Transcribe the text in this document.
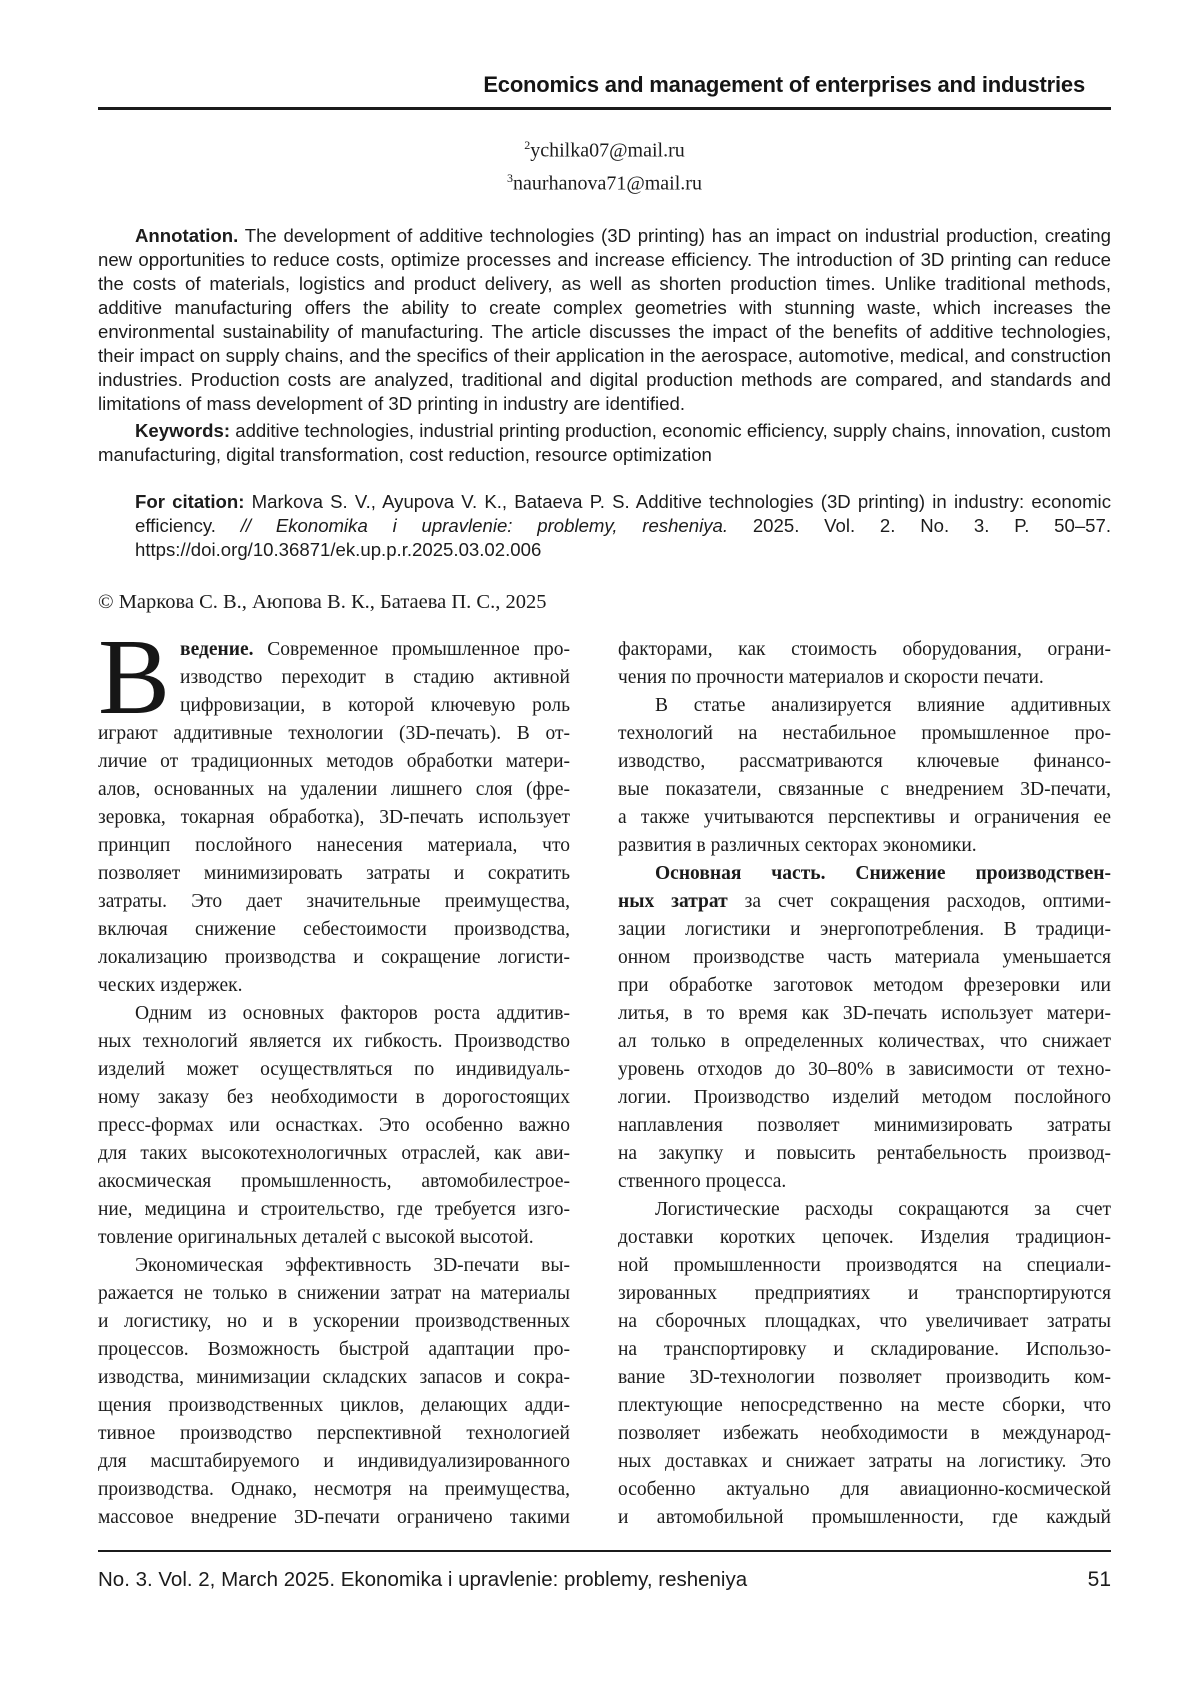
Economics and management of enterprises and industries
$^2$ychilka07@mail.ru
$^3$naurhanova71@mail.ru

Annotation. The development of additive technologies (3D printing) has an impact on industrial production, creating new opportunities to reduce costs, optimize processes and increase efficiency. The introduction of 3D printing can reduce the costs of materials, logistics and product delivery, as well as shorten production times. Unlike traditional methods, additive manufacturing offers the ability to create complex geometries with stunning waste, which increases the environmental sustainability of manufacturing. The article discusses the impact of the benefits of additive technologies, their impact on supply chains, and the specifics of their application in the aerospace, automotive, medical, and construction industries. Production costs are analyzed, traditional and digital production methods are compared, and standards and limitations of mass development of 3D printing in industry are identified.

Keywords: additive technologies, industrial printing production, economic efficiency, supply chains, innovation, custom manufacturing, digital transformation, cost reduction, resource optimization

For citation: Markova S. V., Ayupova V. K., Bataeva P. S. Additive technologies (3D printing) in industry: economic efficiency. // Ekonomika i upravlenie: problemy, resheniya. 2025. Vol. 2. No. 3. P. 50–57. https://doi.org/10.36871/ek.up.p.r.2025.03.02.006

© Маркова С. В., Аюпова В. К., Батаева П. С., 2025
В ведение. Современное промышленное про-
изводство переходит в стадию активной
цифровизации, в которой ключевую роль
играют аддитивные технологии (3D-печать). В от-
личие от традиционных методов обработки матери-
алов, основанных на удалении лишнего слоя (фре-
зеровка, токарная обработка), 3D-печать использует
принцип послойного нанесения материала, что
позволяет минимизировать затраты и сократить
затраты. Это дает значительные преимущества,
включая снижение себестоимости производства,
локализацию производства и сокращение логисти-
ческих издержек.
Одним из основных факторов роста аддитив-
ных технологий является их гибкость. Производство
изделий может осуществляться по индивидуаль-
ному заказу без необходимости в дорогостоящих
пресс-формах или оснастках. Это особенно важно
для таких высокотехнологичных отраслей, как ави-
акосмическая промышленность, автомобилестрое-
ние, медицина и строительство, где требуется изго-
товление оригинальных деталей с высокой высотой.
Экономическая эффективность 3D-печати вы-
ражается не только в снижении затрат на материалы
и логистику, но и в ускорении производственных
процессов. Возможность быстрой адаптации про-
изводства, минимизации складских запасов и сокра-
щения производственных циклов, делающих адди-
тивное производство перспективной технологией
для масштабируемого и индивидуализированного
производства. Однако, несмотря на преимущества,
массовое внедрение 3D-печати ограничено такими
факторами, как стоимость оборудования, ограни-
чения по прочности материалов и скорости печати.
В статье анализируется влияние аддитивных
технологий на нестабильное промышленное про-
изводство, рассматриваются ключевые финансо-
вые показатели, связанные с внедрением 3D-печати,
а также учитываются перспективы и ограничения ее
развития в различных секторах экономики.
Основная часть. Снижение производствен-
ных затрат за счет сокращения расходов, оптими-
зации логистики и энергопотребления. В традици-
онном производстве часть материала уменьшается
при обработке заготовок методом фрезеровки или
литья, в то время как 3D-печать использует матери-
ал только в определенных количествах, что снижает
уровень отходов до 30–80% в зависимости от техно-
логии. Производство изделий методом послойного
наплавления позволяет минимизировать затраты
на закупку и повысить рентабельность производ-
ственного процесса.
Логистические расходы сокращаются за счет
доставки коротких цепочек. Изделия традицион-
ной промышленности производятся на специали-
зированных предприятиях и транспортируются
на сборочных площадках, что увеличивает затраты
на транспортировку и складирование. Использо-
вание 3D-технологии позволяет производить ком-
плектующие непосредственно на месте сборки, что
позволяет избежать необходимости в международ-
ных доставках и снижает затраты на логистику. Это
особенно актуально для авиационно-космической
и автомобильной промышленности, где каждый
No. 3. Vol. 2, March 2025. Ekonomika i upravlenie: problemy, resheniya	51
